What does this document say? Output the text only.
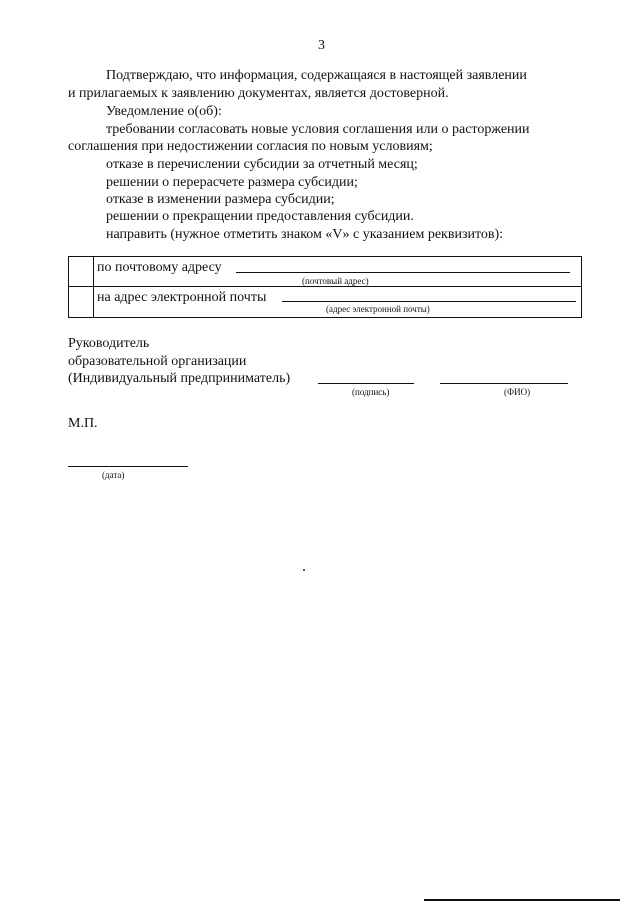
3
Подтверждаю, что информация, содержащаяся в настоящей заявлении
и прилагаемых к заявлению документах, является достоверной.
Уведомление о(об):
требовании согласовать новые условия соглашения или о расторжении
соглашения при недостижении согласия по новым условиям;
отказе в перечислении субсидии за отчетный месяц;
решении о перерасчете размера субсидии;
отказе в изменении размера субсидии;
решении о прекращении предоставления субсидии.
направить (нужное отметить знаком «V» с указанием реквизитов):
по почтовому адресу
(почтовый адрес)
на адрес электронной почты
(адрес электронной почты)
Руководитель
образовательной организации
(Индивидуальный предприниматель)
(подпись)	(ФИО)
М.П.
(дата)
